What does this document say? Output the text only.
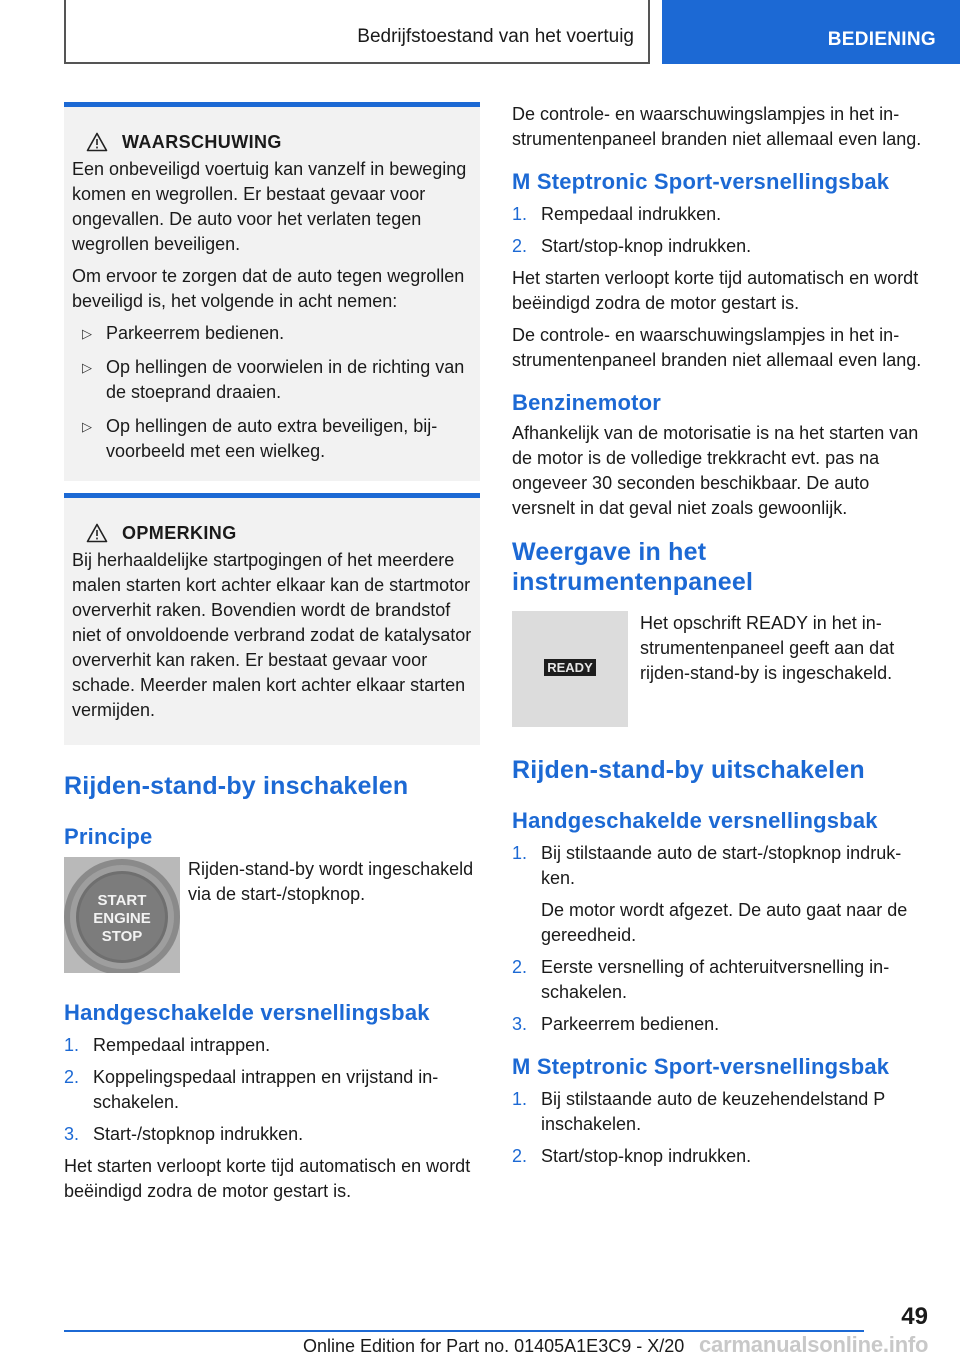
Bedrijfstoestand van het voertuig	BEDIENING
WAARSCHUWING

Een onbeveiligd voertuig kan vanzelf in beweging komen en wegrollen. Er bestaat gevaar voor ongevallen. De auto voor het verlaten tegen wegrollen beveiligen.

Om ervoor te zorgen dat de auto tegen wegrollen beveiligd is, het volgende in acht nemen:

▷ Parkeerrem bedienen.
▷ Op hellingen de voorwielen in de richting van de stoeprand draaien.
▷ Op hellingen de auto extra beveiligen, bijvoorbeeld met een wielkeg.
OPMERKING

Bij herhaaldelijke startpogingen of het meerdere malen starten kort achter elkaar kan de startmotor oververhit raken. Bovendien wordt de brandstof niet of onvoldoende verbrand zodat de katalysator oververhit kan raken. Er bestaat gevaar voor schade. Meerder malen kort achter elkaar starten vermijden.

Rijden-stand-by inschakelen
Principe
START
ENGINE
STOP

Rijden-stand-by wordt ingeschakeld via de start-/stopknop.

Handgeschakelde versnellingsbak
1. Rempedaal intrappen.
2. Koppelingspedaal intrappen en vrijstand inschakelen.
3. Start-/stopknop indrukken.

Het starten verloopt korte tijd automatisch en wordt beëindigd zodra de motor gestart is.

De controle- en waarschuwingslampjes in het instrumentenpaneel branden niet allemaal even lang.

M Steptronic Sport-versnellingsbak
1. Rempedaal indrukken.
2. Start/stop-knop indrukken.

Het starten verloopt korte tijd automatisch en wordt beëindigd zodra de motor gestart is.

De controle- en waarschuwingslampjes in het instrumentenpaneel branden niet allemaal even lang.

Benzinemotor

Afhankelijk van de motorisatie is na het starten van de motor is de volledige trekkracht evt. pas na ongeveer 30 seconden beschikbaar. De auto versnelt in dat geval niet zoals gewoonlijk.

Weergave in het
instrumentenpaneel
READY

Het opschrift READY in het instrumentenpaneel geeft aan dat rijden-stand-by is ingeschakeld.

Rijden-stand-by uitschakelen
Handgeschakelde versnellingsbak
1. Bij stilstaande auto de start-/stopknop indrukken.
De motor wordt afgezet. De auto gaat naar de gereedheid.
2. Eerste versnelling of achteruitversnelling inschakelen.
3. Parkeerrem bedienen.
M Steptronic Sport-versnellingsbak
1. Bij stilstaande auto de keuzehendelstand P inschakelen.
2. Start/stop-knop indrukken.
49
Online Edition for Part no. 01405A1E3C9 - X/20 carmanualsonline.info
